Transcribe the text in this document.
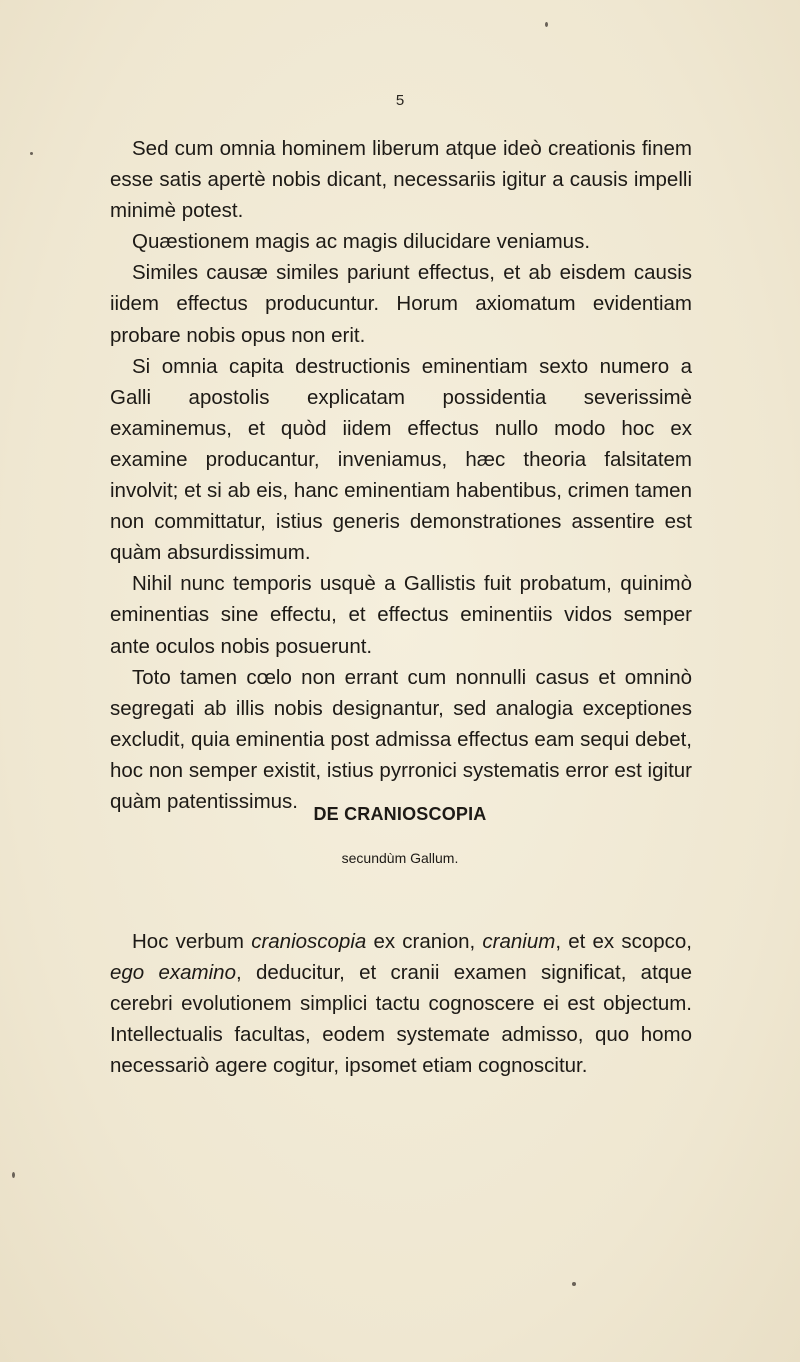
5

Sed cum omnia hominem liberum atque ideò creationis finem esse satis apertè nobis dicant, necessariis igitur a causis impelli minimè potest.

Quæstionem magis ac magis dilucidare veniamus.

Similes causæ similes pariunt effectus, et ab eisdem causis iidem effectus producuntur. Horum axiomatum evidentiam probare nobis opus non erit.

Si omnia capita destructionis eminentiam sexto numero a Galli apostolis explicatam possidentia severissimè examinemus, et quòd iidem effectus nullo modo hoc ex examine producantur, inveniamus, hæc theoria falsitatem involvit; et si ab eis, hanc eminentiam habentibus, crimen tamen non committatur, istius generis demonstrationes assentire est quàm absurdissimum.

Nihil nunc temporis usquè a Gallistis fuit probatum, quinimò eminentias sine effectu, et effectus eminentiis vidos semper ante oculos nobis posuerunt.

Toto tamen cœlo non errant cum nonnulli casus et omninò segregati ab illis nobis designantur, sed analogia exceptiones excludit, quia eminentia post admissa effectus eam sequi debet, hoc non semper existit, istius pyrronici systematis error est igitur quàm patentissimus.

DE CRANIOSCOPIA
secundùm Gallum.

Hoc verbum cranioscopia ex cranion, cranium, et ex scopco, ego examino, deducitur, et cranii examen significat, atque cerebri evolutionem simplici tactu cognoscere ei est objectum. Intellectualis facultas, eodem systemate admisso, quo homo necessariò agere cogitur, ipsomet etiam cognoscitur.
